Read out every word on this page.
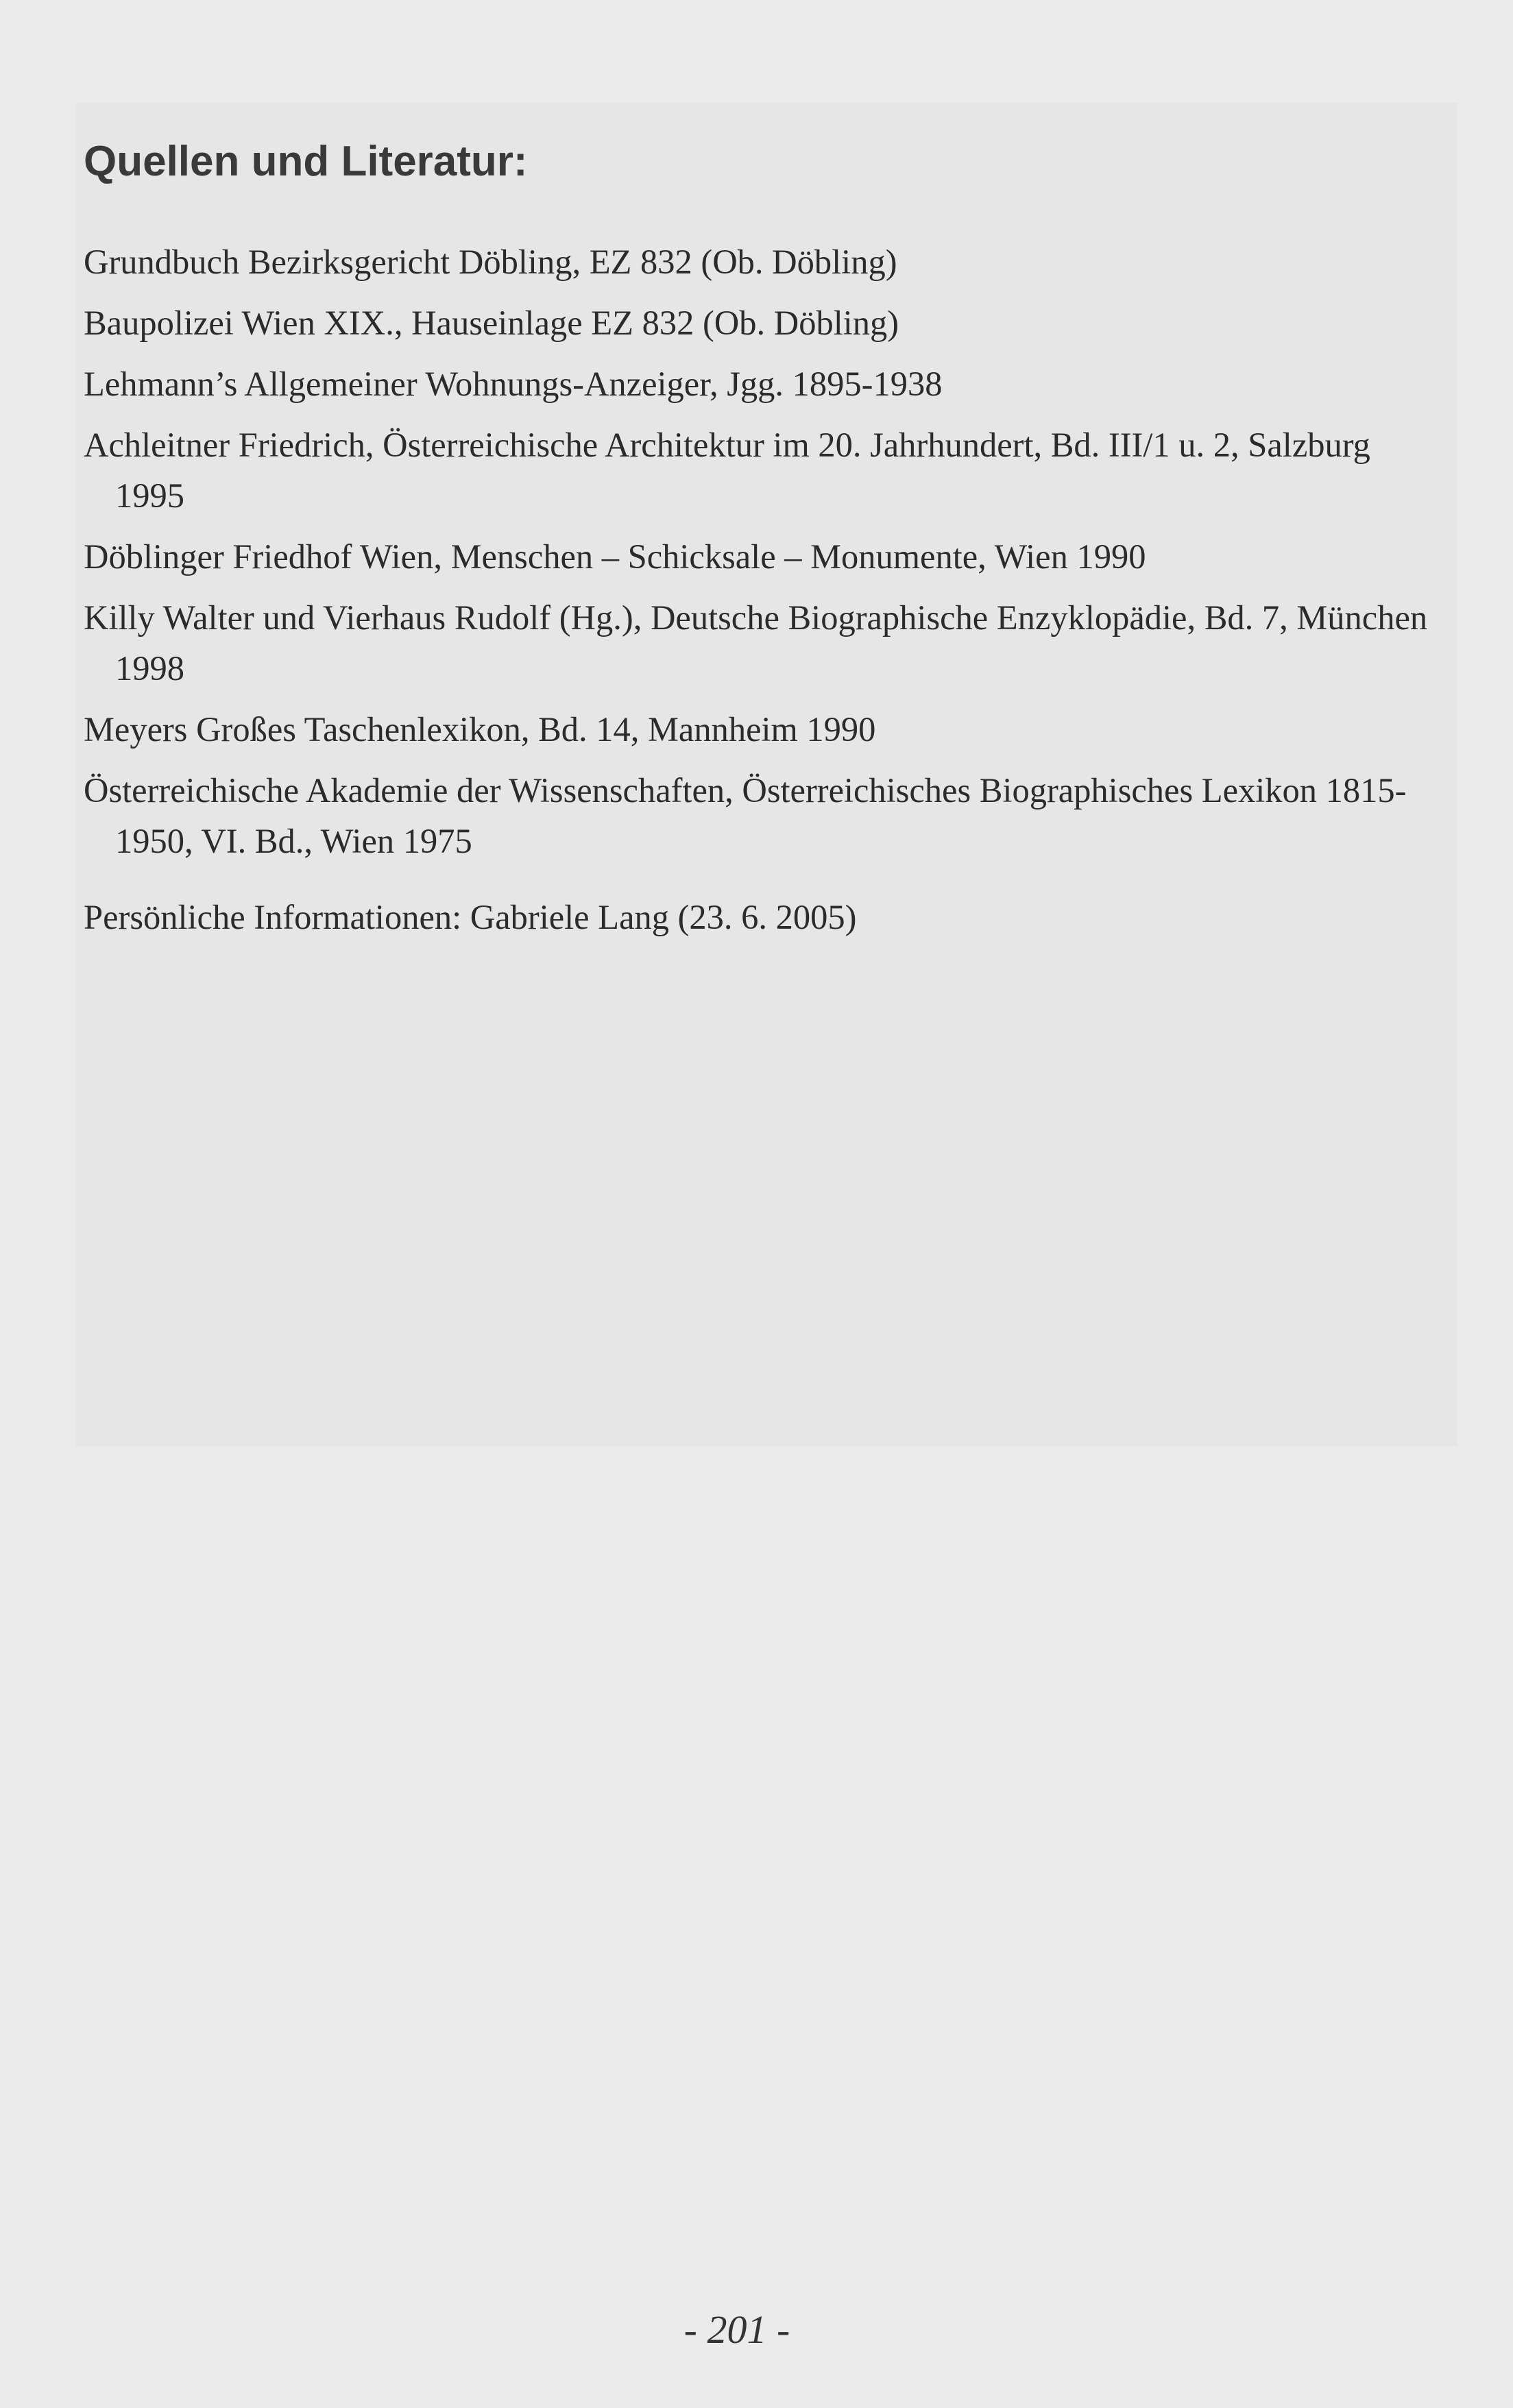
Quellen und Literatur:
Grundbuch Bezirksgericht Döbling, EZ 832 (Ob. Döbling)
Baupolizei Wien XIX., Hauseinlage EZ 832 (Ob. Döbling)
Lehmann’s Allgemeiner Wohnungs-Anzeiger, Jgg. 1895-1938
Achleitner Friedrich, Österreichische Architektur im 20. Jahrhundert, Bd. III/1 u. 2, Salzburg 1995
Döblinger Friedhof Wien, Menschen – Schicksale – Monumente, Wien 1990
Killy Walter und Vierhaus Rudolf (Hg.), Deutsche Biographische Enzyklopädie, Bd. 7, München 1998
Meyers Großes Taschenlexikon, Bd. 14, Mannheim 1990
Österreichische Akademie der Wissenschaften, Österreichisches Biographisches Lexikon 1815-1950, VI. Bd., Wien 1975
Persönliche Informationen: Gabriele Lang (23. 6. 2005)
- 201 -
